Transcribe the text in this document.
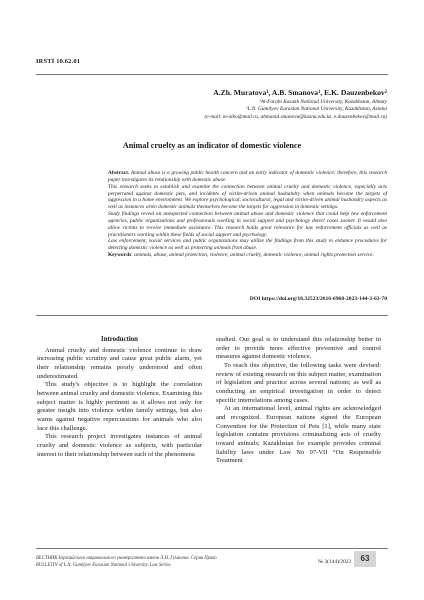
IRSTI 10.62.01
A.Zh. Muratova¹, A.B. Smanova¹, E.K. Dauzenbekov²
¹Al-Farabi Kazakh National University, Kazakhstan, Almaty
²L.N. Gumilyov Eurasian National University, Kazakhstan, Astana
(e-mail: m-aiko@mail.ru, abmanid.smanova@kaznu.edu.kz, e.dauzenbekov@mail.ru)
Animal cruelty as an indicator of domestic violence

Abstract. Animal abuse is a growing public health concern and an early indicator of domestic violence; therefore, this research paper investigates its relationship with domestic abuse.

This research seeks to establish and examine the connection between animal cruelty and domestic violence, especially acts perpetrated against domestic pets, and incidents of victim-driven animal husbandry when animals become the targets of aggression in a home environment. We explore psychological, sociocultural, legal and victim-driven animal husbandry aspects as well as instances when domestic animals themselves become the targets for aggression in domestic settings.

Study findings reveal an unexpected connection between animal abuse and domestic violence that could help law enforcement agencies, public organizations and professionals working in social support and psychology detect cases sooner. It would also allow victims to receive immediate assistance. This research holds great relevance for law enforcement officials as well as practitioners working within these fields of social support and psychology.

Law enforcement, social services and public organizations may utilize the findings from this study to enhance procedures for detecting domestic violence as well as protecting animals from abuse.

Keywords: animals, abuse, animal protection, violence, animal cruelty, domestic violence, animal rights protection service.

DOI https://doi.org/10.32523/2616-6968-2023-144-3-63-70
Introduction

Animal cruelty and domestic violence continue to draw increasing public scrutiny and cause great public alarm, yet their relationship remains poorly understood and often underestimated.

This study's objective is to highlight the correlation between animal cruelty and domestic violence. Examining this subject matter is highly pertinent as it allows not only for greater insight into violence within family settings, but also warns against negative repercussions for animals who also face this challenge.

This research project investigates instances of animal cruelty and domestic violence as subjects, with particular interest to their relationship between each of the phenomena

studied. Our goal is to understand this relationship better in order to provide more effective preventive and control measures against domestic violence.

To reach this objective, the following tasks were devised: review of existing research on this subject matter, examination of legislation and practice across several nations; as well as conducting an empirical investigation in order to detect specific interrelations among cases.

At an international level, animal rights are acknowledged and recognized. European nations signed the European Convention for the Protection of Pets [1], while many state legislation contains provisions criminalizing acts of cruelty toward animals; Kazakhstan for example provides criminal liability laws under Law No 97-VII “On Responsible Treatment

ВЕСТНИК Евразийского национального университета имени Л.Н. Гумилева. Серия Право
BULLETIN of L.N. Gumilyov Eurasian National University. Law Series
№ 3(144)/2023	63
